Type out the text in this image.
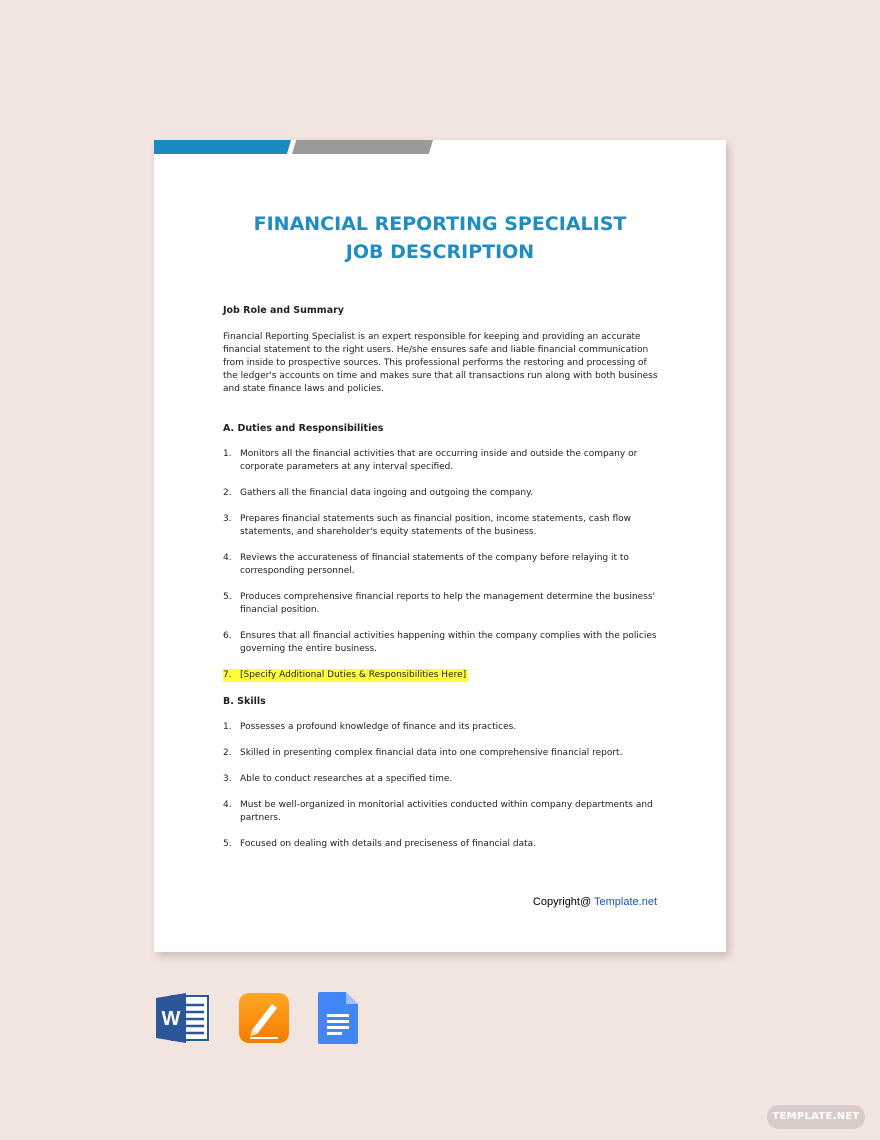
FINANCIAL REPORTING SPECIALIST
JOB DESCRIPTION

Job Role and Summary

Financial Reporting Specialist is an expert responsible for keeping and providing an accurate financial statement to the right users. He/she ensures safe and liable financial communication from inside to prospective sources. This professional performs the restoring and processing of the ledger's accounts on time and makes sure that all transactions run along with both business and state finance laws and policies.

A. Duties and Responsibilities

1. Monitors all the financial activities that are occurring inside and outside the company or corporate parameters at any interval specified.
2. Gathers all the financial data ingoing and outgoing the company.
3. Prepares financial statements such as financial position, income statements, cash flow statements, and shareholder's equity statements of the business.
4. Reviews the accurateness of financial statements of the company before relaying it to corresponding personnel.
5. Produces comprehensive financial reports to help the management determine the business' financial position.
6. Ensures that all financial activities happening within the company complies with the policies governing the entire business.
7. [Specify Additional Duties & Responsibilities Here]

B. Skills

1. Possesses a profound knowledge of finance and its practices.
2. Skilled in presenting complex financial data into one comprehensive financial report.
3. Able to conduct researches at a specified time.
4. Must be well-organized in monitorial activities conducted within company departments and partners.
5. Focused on dealing with details and preciseness of financial data.
Copyright@ Template.net
W
TEMPLATE.NET
